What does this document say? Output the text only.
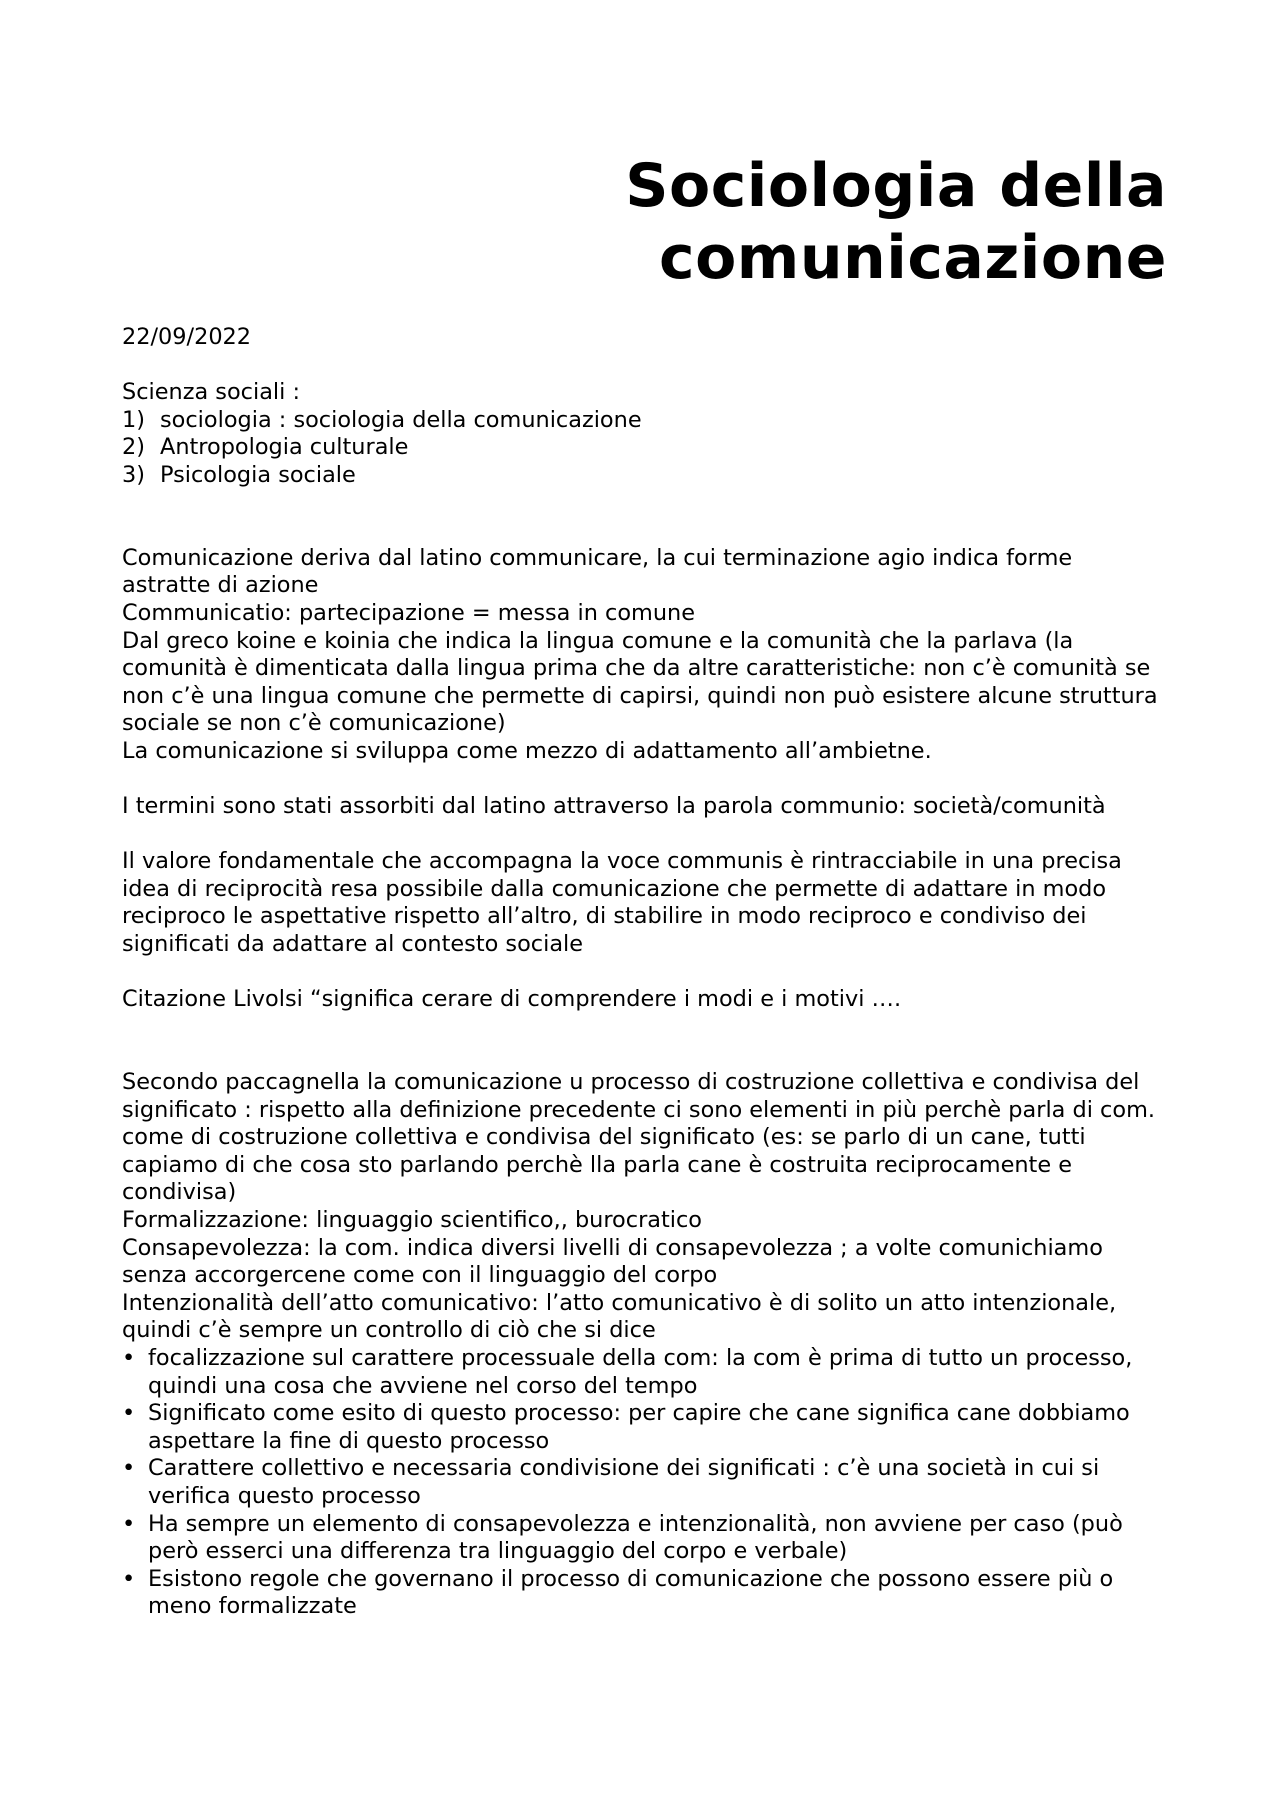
Sociologia della
comunicazione
22/09/2022
Scienza sociali :
1) sociologia : sociologia della comunicazione
2) Antropologia culturale
3) Psicologia sociale
Comunicazione deriva dal latino communicare, la cui terminazione agio indica forme astratte di azione
Communicatio: partecipazione = messa in comune
Dal greco koine e koinia che indica la lingua comune e la comunità che la parlava (la comunità è dimenticata dalla lingua prima che da altre caratteristiche: non c’è comunità se non c’è una lingua comune che permette di capirsi, quindi non può esistere alcune struttura sociale se non c’è comunicazione)
La comunicazione si sviluppa come mezzo di adattamento all’ambietne.
I termini sono stati assorbiti dal latino attraverso la parola communio: società/comunità
Il valore fondamentale che accompagna la voce communis è rintracciabile in una precisa idea di reciprocità resa possibile dalla comunicazione che permette di adattare in modo reciproco le aspettative rispetto all’altro, di stabilire in modo reciproco e condiviso dei significati da adattare al contesto sociale
Citazione Livolsi “significa cerare di comprendere i modi e i motivi ….
Secondo paccagnella la comunicazione u processo di costruzione collettiva e condivisa del significato : rispetto alla definizione precedente ci sono elementi in più perchè parla di com. come di costruzione collettiva e condivisa del significato (es: se parlo di un cane, tutti capiamo di che cosa sto parlando perchè lla parla cane è costruita reciprocamente e condivisa)
Formalizzazione: linguaggio scientifico,, burocratico
Consapevolezza: la com. indica diversi livelli di consapevolezza ; a volte comunichiamo senza accorgercene come con il linguaggio del corpo
Intenzionalità dell’atto comunicativo: l’atto comunicativo è di solito un atto intenzionale, quindi c’è sempre un controllo di ciò che si dice
• focalizzazione sul carattere processuale della com: la com è prima di tutto un processo, quindi una cosa che avviene nel corso del tempo
• Significato come esito di questo processo: per capire che cane significa cane dobbiamo aspettare la fine di questo processo
• Carattere collettivo e necessaria condivisione dei significati : c’è una società in cui si verifica questo processo
• Ha sempre un elemento di consapevolezza e intenzionalità, non avviene per caso (può però esserci una differenza tra linguaggio del corpo e verbale)
• Esistono regole che governano il processo di comunicazione che possono essere più o meno formalizzate
